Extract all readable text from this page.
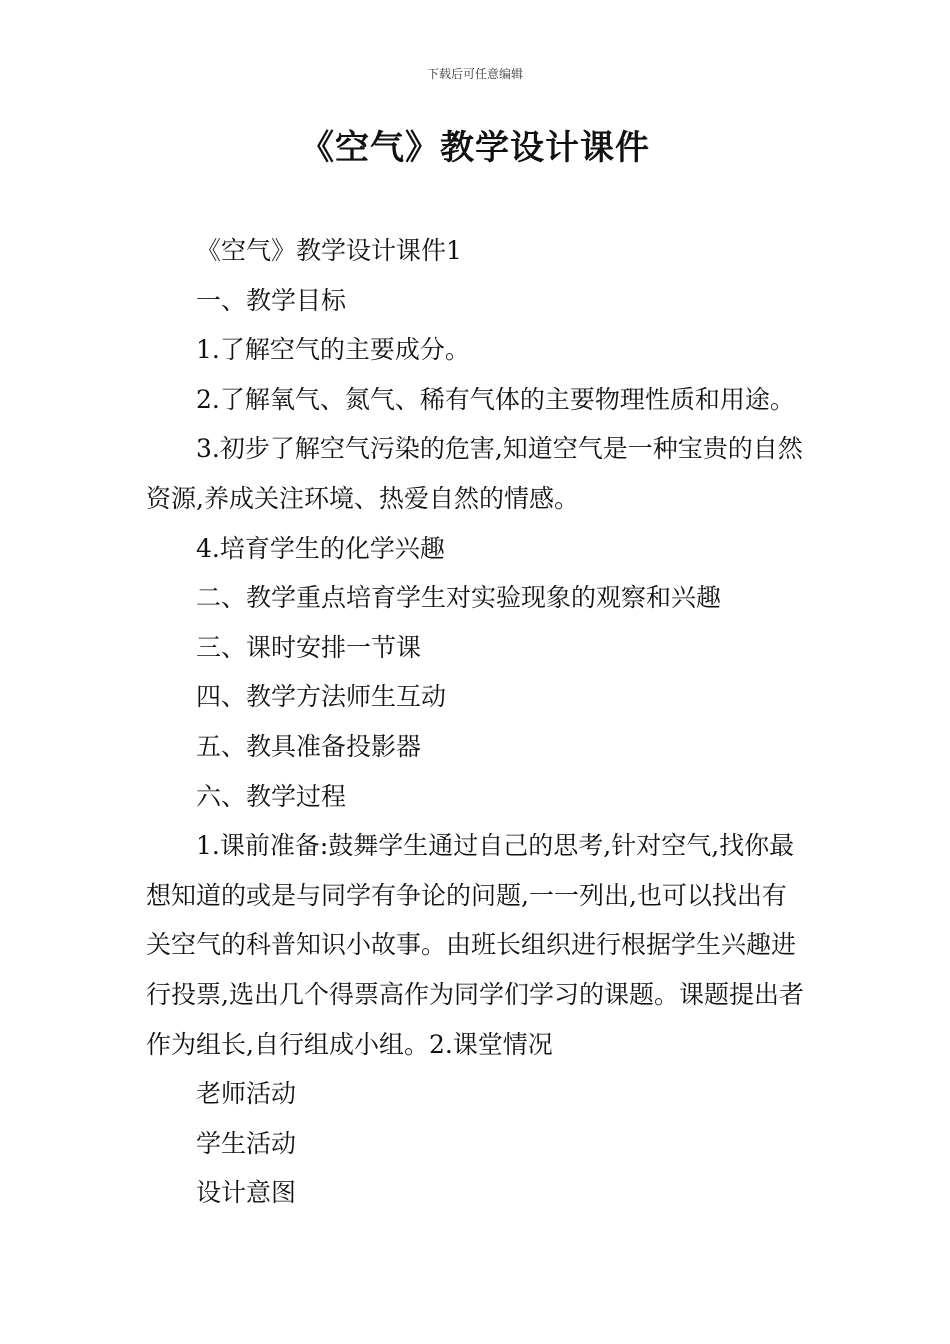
下载后可任意编辑
《空气》教学设计课件

《空气》教学设计课件1

一、教学目标

1.了解空气的主要成分。

2.了解氧气、氮气、稀有气体的主要物理性质和用途。

3.初步了解空气污染的危害,知道空气是一种宝贵的自然资源,养成关注环境、热爱自然的情感。

4.培育学生的化学兴趣

二、教学重点培育学生对实验现象的观察和兴趣

三、课时安排一节课

四、教学方法师生互动

五、教具准备投影器

六、教学过程

1.课前准备:鼓舞学生通过自己的思考,针对空气,找你最想知道的或是与同学有争论的问题,一一列出,也可以找出有关空气的科普知识小故事。由班长组织进行根据学生兴趣进行投票,选出几个得票高作为同学们学习的课题。课题提出者作为组长,自行组成小组。2.课堂情况

老师活动

学生活动

设计意图
